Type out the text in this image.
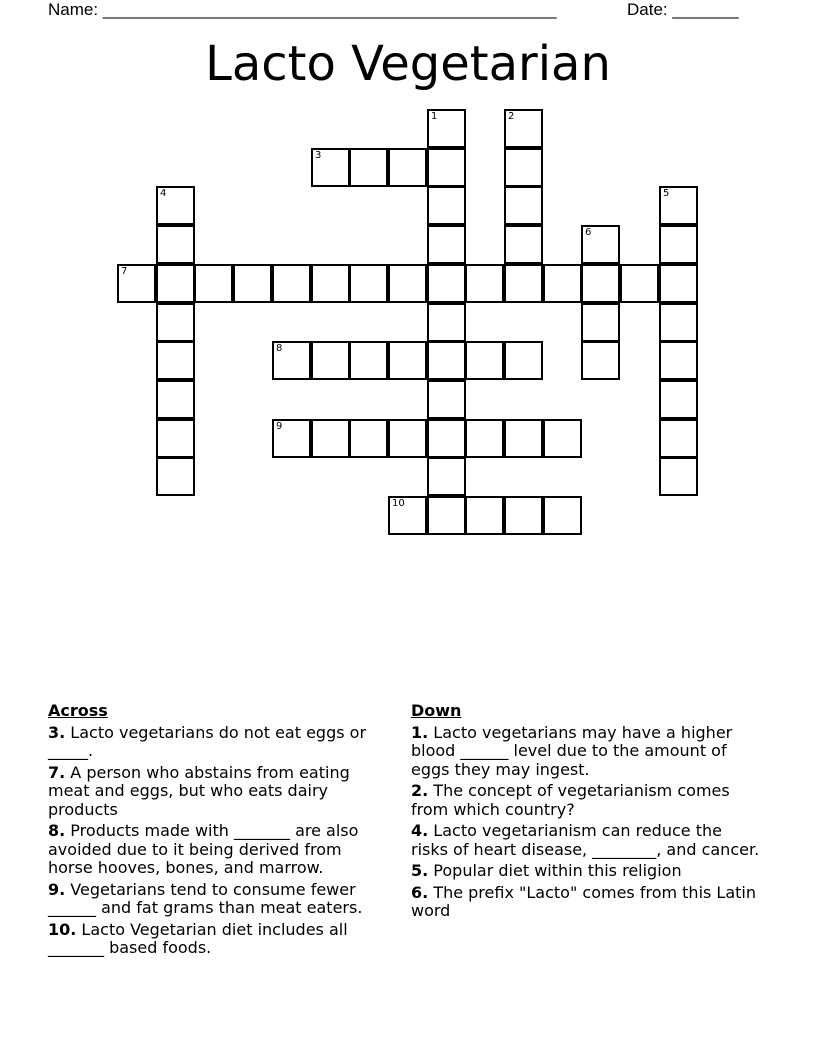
Name: ________________________________________________	Date: _______
Lacto Vegetarian
1	2
3
4	5
6
7
8
9
10
Across
3. Lacto vegetarians do not eat eggs or _____.
7. A person who abstains from eating meat and eggs, but who eats dairy products
8. Products made with _______ are also avoided due to it being derived from horse hooves, bones, and marrow.
9. Vegetarians tend to consume fewer ______ and fat grams than meat eaters.
10. Lacto Vegetarian diet includes all _______ based foods.
Down
1. Lacto vegetarians may have a higher blood ______ level due to the amount of eggs they may ingest.
2. The concept of vegetarianism comes from which country?
4. Lacto vegetarianism can reduce the risks of heart disease, ________, and cancer.
5. Popular diet within this religion
6. The prefix "Lacto" comes from this Latin word
